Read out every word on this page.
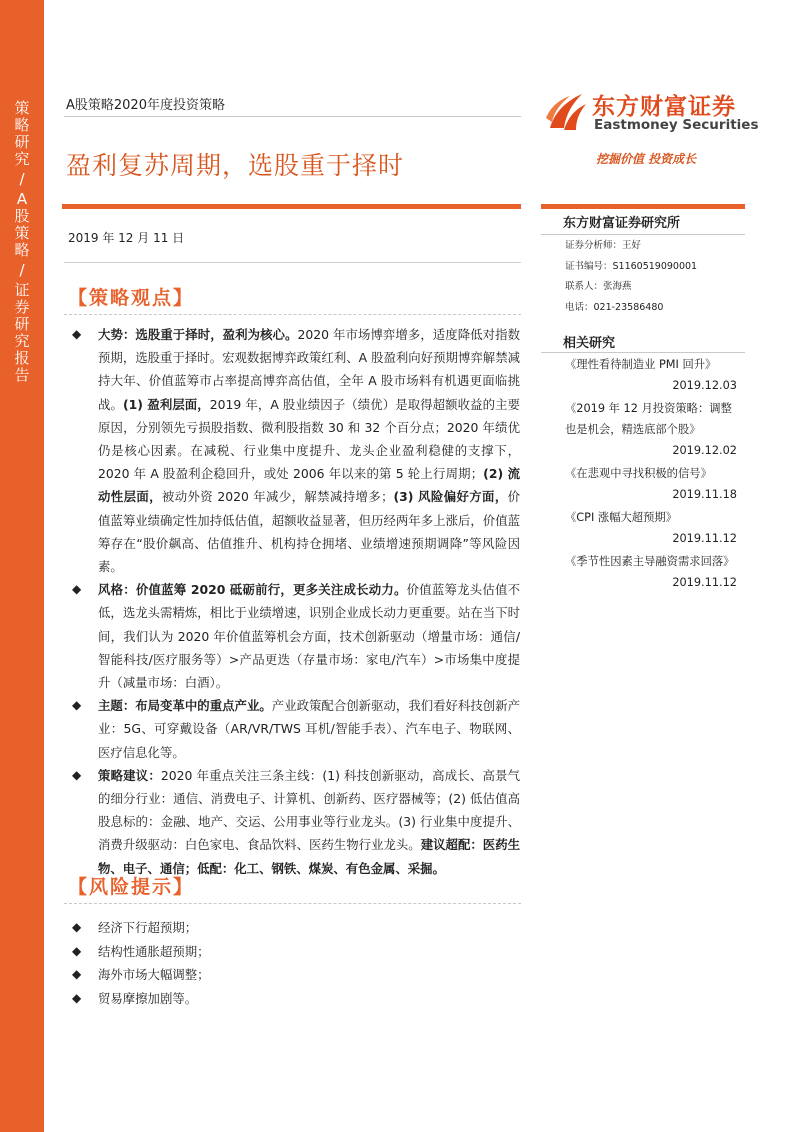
策
略
研
究
/
A
股
策
略
/
证
券
研
究
报
告
A股策略2020年度投资策略
盈利复苏周期，选股重于择时
2019 年 12 月 11 日
东方财富证券
Eastmoney Securities
挖掘价值 投资成长
东方财富证券研究所
证券分析师：王好
证书编号：S1160519090001
联系人：张海燕
电话：021-23586480
相关研究
《理性看待制造业 PMI 回升》
2019.12.03
《2019 年 12 月投资策略：调整也是机会，精选底部个股》
2019.12.02
《在悲观中寻找积极的信号》
2019.11.18
《CPI 涨幅大超预期》
2019.11.12
《季节性因素主导融资需求回落》
2019.11.12
【策略观点】
◆ 大势：选股重于择时，盈利为核心。2020 年市场博弈增多，适度降低对指数预期，选股重于择时。宏观数据博弈政策红利、A 股盈利向好预期博弈解禁减持大年、价值蓝筹市占率提高博弈高估值，全年 A 股市场料有机遇更面临挑战。(1) 盈利层面，2019 年，A 股业绩因子（绩优）是取得超额收益的主要原因，分别领先亏损股指数、微利股指数 30 和 32 个百分点；2020 年绩优仍是核心因素。在减税、行业集中度提升、龙头企业盈利稳健的支撑下，2020 年 A 股盈利企稳回升，或处 2006 年以来的第 5 轮上行周期；(2) 流动性层面，被动外资 2020 年减少，解禁减持增多；(3) 风险偏好方面，价值蓝筹业绩确定性加持低估值，超额收益显著，但历经两年多上涨后，价值蓝筹存在“股价飙高、估值推升、机构持仓拥堵、业绩增速预期调降”等风险因素。
◆ 风格：价值蓝筹 2020 砥砺前行，更多关注成长动力。价值蓝筹龙头估值不低，选龙头需精炼，相比于业绩增速，识别企业成长动力更重要。站在当下时间，我们认为 2020 年价值蓝筹机会方面，技术创新驱动（增量市场：通信/智能科技/医疗服务等）>产品更迭（存量市场：家电/汽车）>市场集中度提升（减量市场：白酒）。
◆ 主题：布局变革中的重点产业。产业政策配合创新驱动，我们看好科技创新产业：5G、可穿戴设备（AR/VR/TWS 耳机/智能手表）、汽车电子、物联网、医疗信息化等。
◆ 策略建议：2020 年重点关注三条主线：(1) 科技创新驱动，高成长、高景气的细分行业：通信、消费电子、计算机、创新药、医疗器械等；(2) 低估值高股息标的：金融、地产、交运、公用事业等行业龙头。(3) 行业集中度提升、消费升级驱动：白色家电、食品饮料、医药生物行业龙头。建议超配：医药生物、电子、通信；低配：化工、钢铁、煤炭、有色金属、采掘。
【风险提示】
◆ 经济下行超预期；
◆ 结构性通胀超预期；
◆ 海外市场大幅调整；
◆ 贸易摩擦加剧等。
